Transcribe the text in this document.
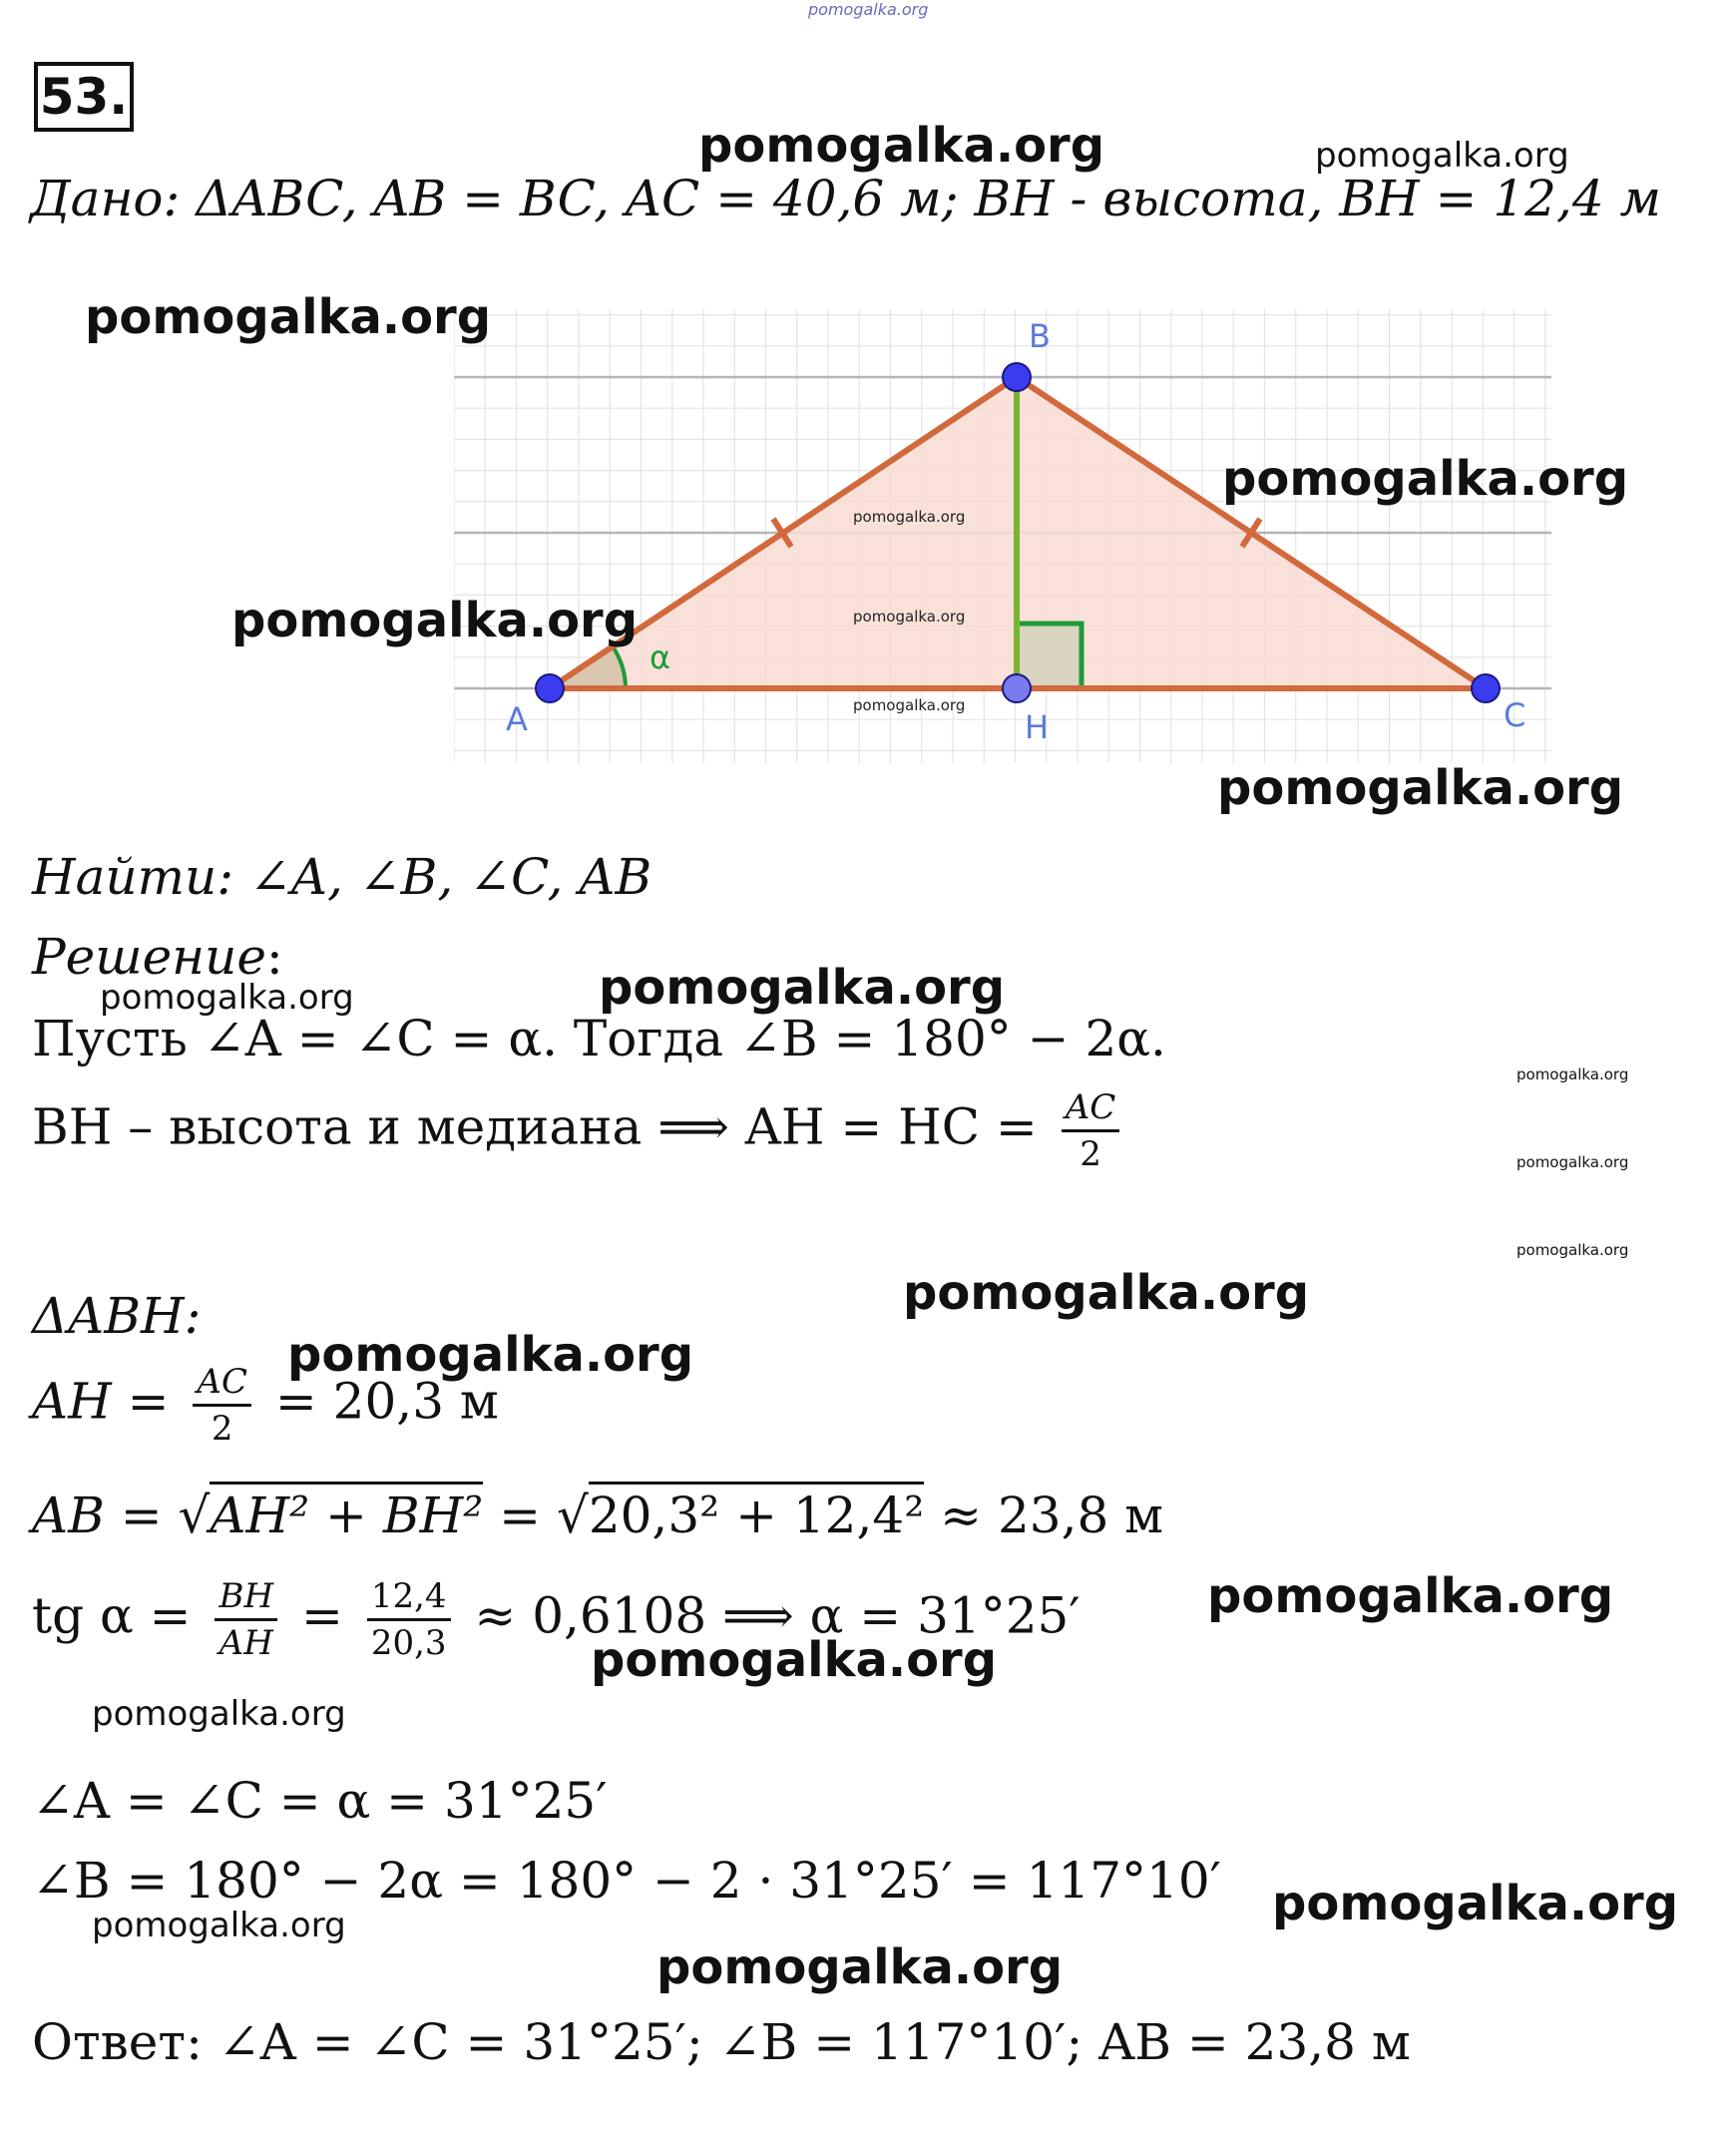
pomogalka.org
53.
pomogalka.org	pomogalka.org
Дано: ΔABC, AB = BC, AC = 40,6 м; BH - высота, BH = 12,4 м
A
B
C
H
α
pomogalka.org
pomogalka.org
pomogalka.org
pomogalka.org
pomogalka.org
pomogalka.org
pomogalka.org
Найти: ∠A, ∠B, ∠C, AB
Решение:
pomogalka.org	pomogalka.org
Пусть ∠A = ∠C = α. Тогда ∠B = 180° − 2α.
pomogalka.org
pomogalka.org
pomogalka.org
BH – высота и медиана ⟹ AH = HC = $\frac{AC}{2}$
pomogalka.org
ΔABH:
pomogalka.org
AH = $\frac{AC}{2} = 20,3$ м
AB = √AH² + BH² = √20,3² + 12,4² ≈ 23,8 м
tg $\alpha = \frac{BH}{AH} = \frac{12,4}{20,3} \approx 0,6108$ ⟹ α = 31°25′	pomogalka.org
pomogalka.org
pomogalka.org
∠A = ∠C = α = 31°25′
∠B = 180° − 2α = 180° − 2 · 31°25′ = 117°10′
pomogalka.org	pomogalka.org
pomogalka.org
Ответ: ∠A = ∠C = 31°25′; ∠B = 117°10′; AB = 23,8 м
